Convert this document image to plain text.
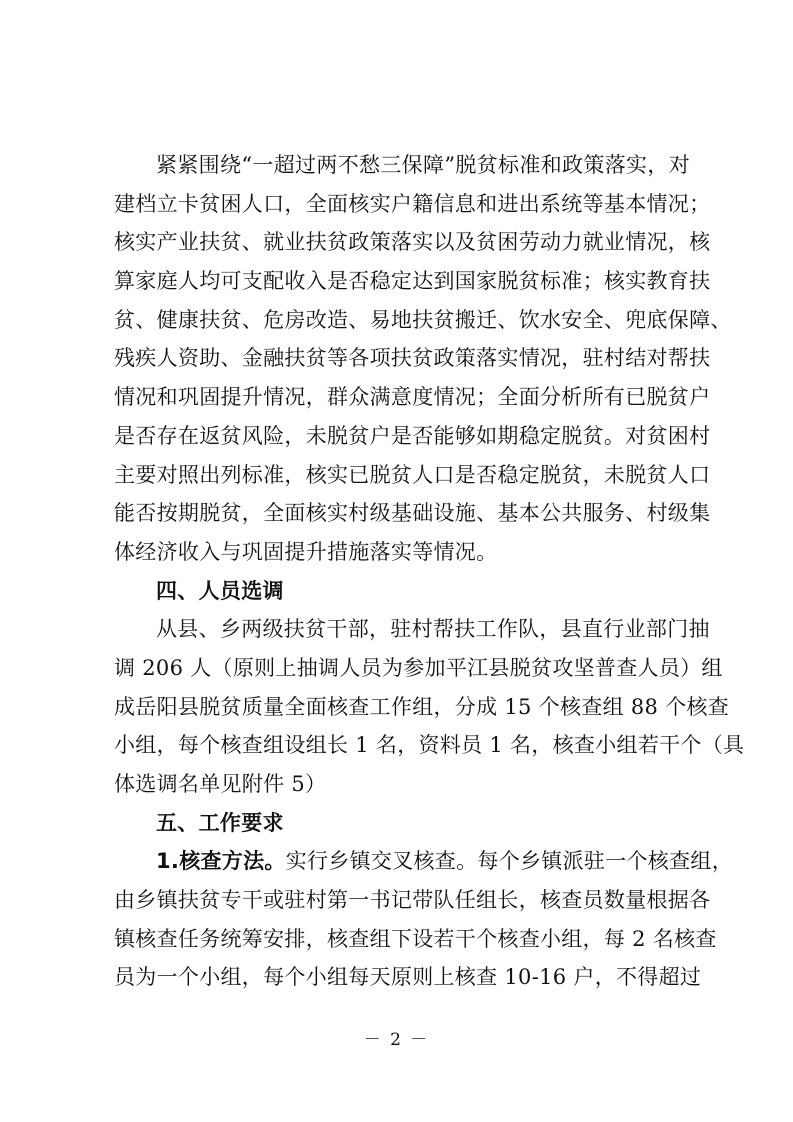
紧紧围绕“一超过两不愁三保障”脱贫标准和政策落实，对
建档立卡贫困人口，全面核实户籍信息和进出系统等基本情况；
核实产业扶贫、就业扶贫政策落实以及贫困劳动力就业情况，核
算家庭人均可支配收入是否稳定达到国家脱贫标准；核实教育扶
贫、健康扶贫、危房改造、易地扶贫搬迁、饮水安全、兜底保障、
残疾人资助、金融扶贫等各项扶贫政策落实情况，驻村结对帮扶
情况和巩固提升情况，群众满意度情况；全面分析所有已脱贫户
是否存在返贫风险，未脱贫户是否能够如期稳定脱贫。对贫困村
主要对照出列标准，核实已脱贫人口是否稳定脱贫，未脱贫人口
能否按期脱贫，全面核实村级基础设施、基本公共服务、村级集
体经济收入与巩固提升措施落实等情况。
四、人员选调
从县、乡两级扶贫干部，驻村帮扶工作队，县直行业部门抽
调 206 人（原则上抽调人员为参加平江县脱贫攻坚普查人员）组
成岳阳县脱贫质量全面核查工作组，分成 15 个核查组 88 个核查
小组，每个核查组设组长 1 名，资料员 1 名，核查小组若干个（具
体选调名单见附件 5）
五、工作要求
1.核查方法。实行乡镇交叉核查。每个乡镇派驻一个核查组，
由乡镇扶贫专干或驻村第一书记带队任组长，核查员数量根据各
镇核查任务统筹安排，核查组下设若干个核查小组，每 2 名核查
员为一个小组，每个小组每天原则上核查 10-16 户，不得超过
－ 2 －
